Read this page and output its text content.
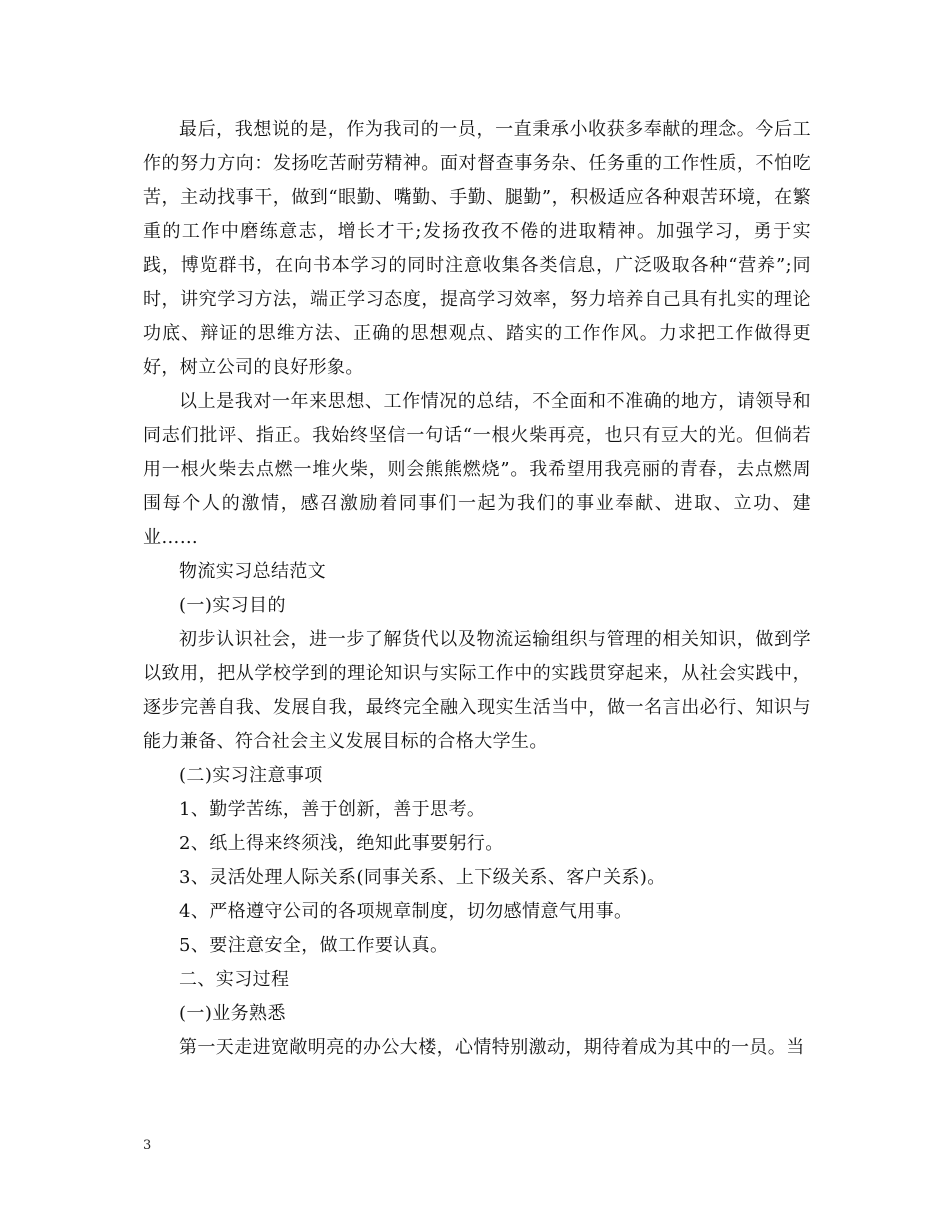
最后，我想说的是，作为我司的一员，一直秉承小收获多奉献的理念。今后工作的努力方向：发扬吃苦耐劳精神。面对督查事务杂、任务重的工作性质，不怕吃苦，主动找事干，做到“眼勤、嘴勤、手勤、腿勤”，积极适应各种艰苦环境，在繁重的工作中磨练意志，增长才干;发扬孜孜不倦的进取精神。加强学习，勇于实践，博览群书，在向书本学习的同时注意收集各类信息，广泛吸取各种“营养”;同时，讲究学习方法，端正学习态度，提高学习效率，努力培养自己具有扎实的理论功底、辩证的思维方法、正确的思想观点、踏实的工作作风。力求把工作做得更好，树立公司的良好形象。

以上是我对一年来思想、工作情况的总结，不全面和不准确的地方，请领导和同志们批评、指正。我始终坚信一句话“一根火柴再亮，也只有豆大的光。但倘若用一根火柴去点燃一堆火柴，则会熊熊燃烧”。我希望用我亮丽的青春，去点燃周围每个人的激情，感召激励着同事们一起为我们的事业奉献、进取、立功、建业……

物流实习总结范文

(一)实习目的

初步认识社会，进一步了解货代以及物流运输组织与管理的相关知识，做到学以致用，把从学校学到的理论知识与实际工作中的实践贯穿起来，从社会实践中，逐步完善自我、发展自我，最终完全融入现实生活当中，做一名言出必行、知识与能力兼备、符合社会主义发展目标的合格大学生。

(二)实习注意事项

1、勤学苦练，善于创新，善于思考。

2、纸上得来终须浅，绝知此事要躬行。

3、灵活处理人际关系(同事关系、上下级关系、客户关系)。

4、严格遵守公司的各项规章制度，切勿感情意气用事。

5、要注意安全，做工作要认真。

二、实习过程

(一)业务熟悉

第一天走进宽敞明亮的办公大楼，心情特别激动，期待着成为其中的一员。当

3
